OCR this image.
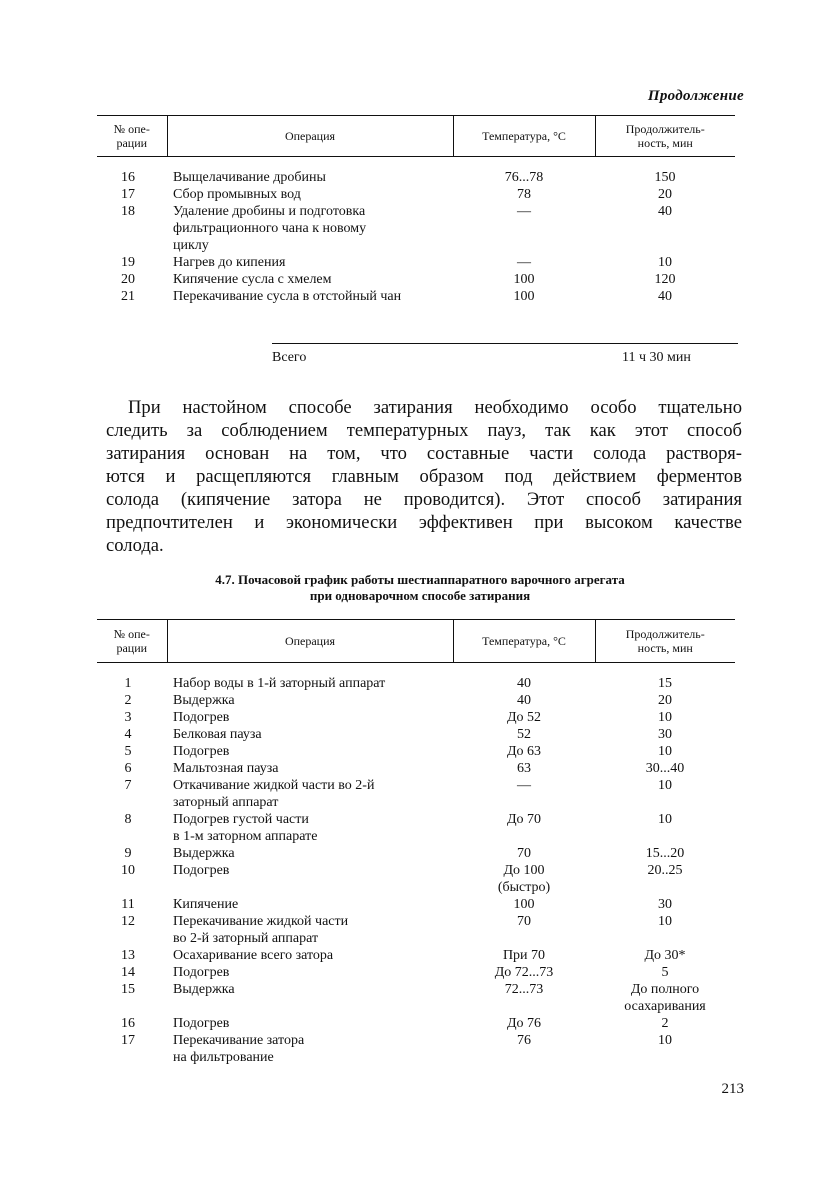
Продолжение
№ опе-
рации	Операция	Температура, °С	Продолжитель-
ность, мин

16	Выщелачивание дробины	76...78	150
17	Сбор промывных вод	78	20
18	Удаление дробины и подготовка
фильтрационного чана к новому
циклу	—	40
19	Нагрев до кипения	—	10
20	Кипячение сусла с хмелем	100	120
21	Перекачивание сусла в отстойный чан	100	40
Всего	11 ч 30 мин

При настойном способе затирания необходимо особо тщательно
следить за соблюдением температурных пауз, так как этот способ
затирания основан на том, что составные части солода растворя-
ются и расщепляются главным образом под действием ферментов
солода (кипячение затора не проводится). Этот способ затирания
предпочтителен и экономически эффективен при высоком качестве
солода.

4.7. Почасовой график работы шестиаппаратного варочного агрегата
при одноварочном способе затирания
№ опе-
рации	Операция	Температура, °С	Продолжитель-
ность, мин

1	Набор воды в 1-й заторный аппарат	40	15
2	Выдержка	40	20
3	Подогрев	До 52	10
4	Белковая пауза	52	30
5	Подогрев	До 63	10
6	Мальтозная пауза	63	30...40
7	Откачивание жидкой части во 2-й
заторный аппарат	—	10
8	Подогрев густой части
в 1-м заторном аппарате	До 70	10
9	Выдержка	70	15...20
10	Подогрев	До 100
(быстро)	20..25
11	Кипячение	100	30
12	Перекачивание жидкой части
во 2-й заторный аппарат	70	10
13	Осахаривание всего затора	При 70	До 30*
14	Подогрев	До 72...73	5
15	Выдержка	72...73	До полного
осахаривания
16	Подогрев	До 76	2
17	Перекачивание затора
на фильтрование	76	10
213
